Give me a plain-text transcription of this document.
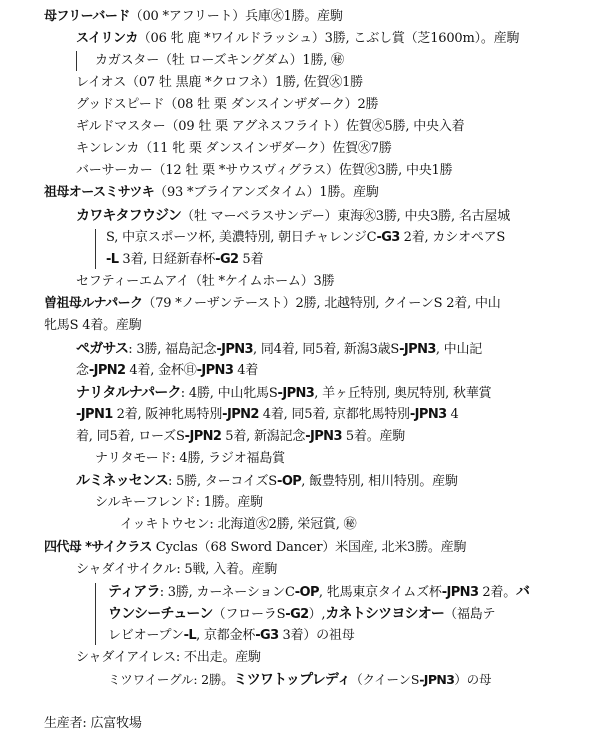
母フリーバード（00 *アフリート）兵庫㊋1勝。産駒
スイリンカ（06 牝 鹿 *ワイルドラッシュ）3勝, こぶし賞（芝1600m）。産駒
カガスター（牡 ローズキングダム）1勝, ㊙
レイオス（07 牡 黒鹿 *クロフネ）1勝, 佐賀㊋1勝
グッドスピード（08 牡 栗 ダンスインザダーク）2勝
ギルドマスター（09 牡 栗 アグネスフライト）佐賀㊋5勝, 中央入着
キンレンカ（11 牝 栗 ダンスインザダーク）佐賀㊋7勝
バーサーカー（12 牡 栗 *サウスヴィグラス）佐賀㊋3勝, 中央1勝
祖母オースミサツキ（93 *ブライアンズタイム）1勝。産駒
カワキタフウジン（牡 マーベラスサンデー）東海㊋3勝, 中央3勝, 名古屋城
S, 中京スポーツ杯, 美濃特別, 朝日チャレンジC-G3 2着, カシオペアS
-L 3着, 日経新春杯-G2 5着
セフティーエムアイ（牡 *ケイムホーム）3勝
曽祖母ルナパーク（79 *ノーザンテースト）2勝, 北越特別, クイーンS 2着, 中山
牝馬S 4着。産駒
ペガサス: 3勝, 福島記念-JPN3, 同4着, 同5着, 新潟3歳S-JPN3, 中山記
念-JPN2 4着, 金杯㊐-JPN3 4着
ナリタルナパーク: 4勝, 中山牝馬S-JPN3, 羊ヶ丘特別, 奥尻特別, 秋華賞
-JPN1 2着, 阪神牝馬特別-JPN2 4着, 同5着, 京都牝馬特別-JPN3 4
着, 同5着, ローズS-JPN2 5着, 新潟記念-JPN3 5着。産駒
ナリタモード: 4勝, ラジオ福島賞
ルミネッセンス: 5勝, ターコイズS-OP, 飯豊特別, 相川特別。産駒
シルキーフレンド: 1勝。産駒
イッキトウセン: 北海道㊋2勝, 栄冠賞, ㊙
四代母 *サイクラス Cyclas（68 Sword Dancer）米国産, 北米3勝。産駒
シャダイサイクル: 5戦, 入着。産駒
ティアラ: 3勝, カーネーションC-OP, 牝馬東京タイムズ杯-JPN3 2着。バ
ウンシーチューン（フローラS-G2）,カネトシツヨシオー（福島テ
レビオープン-L, 京都金杯-G3 3着）の祖母
シャダイアイレス: 不出走。産駒
ミツワイーグル: 2勝。ミツワトップレディ（クイーンS-JPN3）の母
生産者: 広富牧場
